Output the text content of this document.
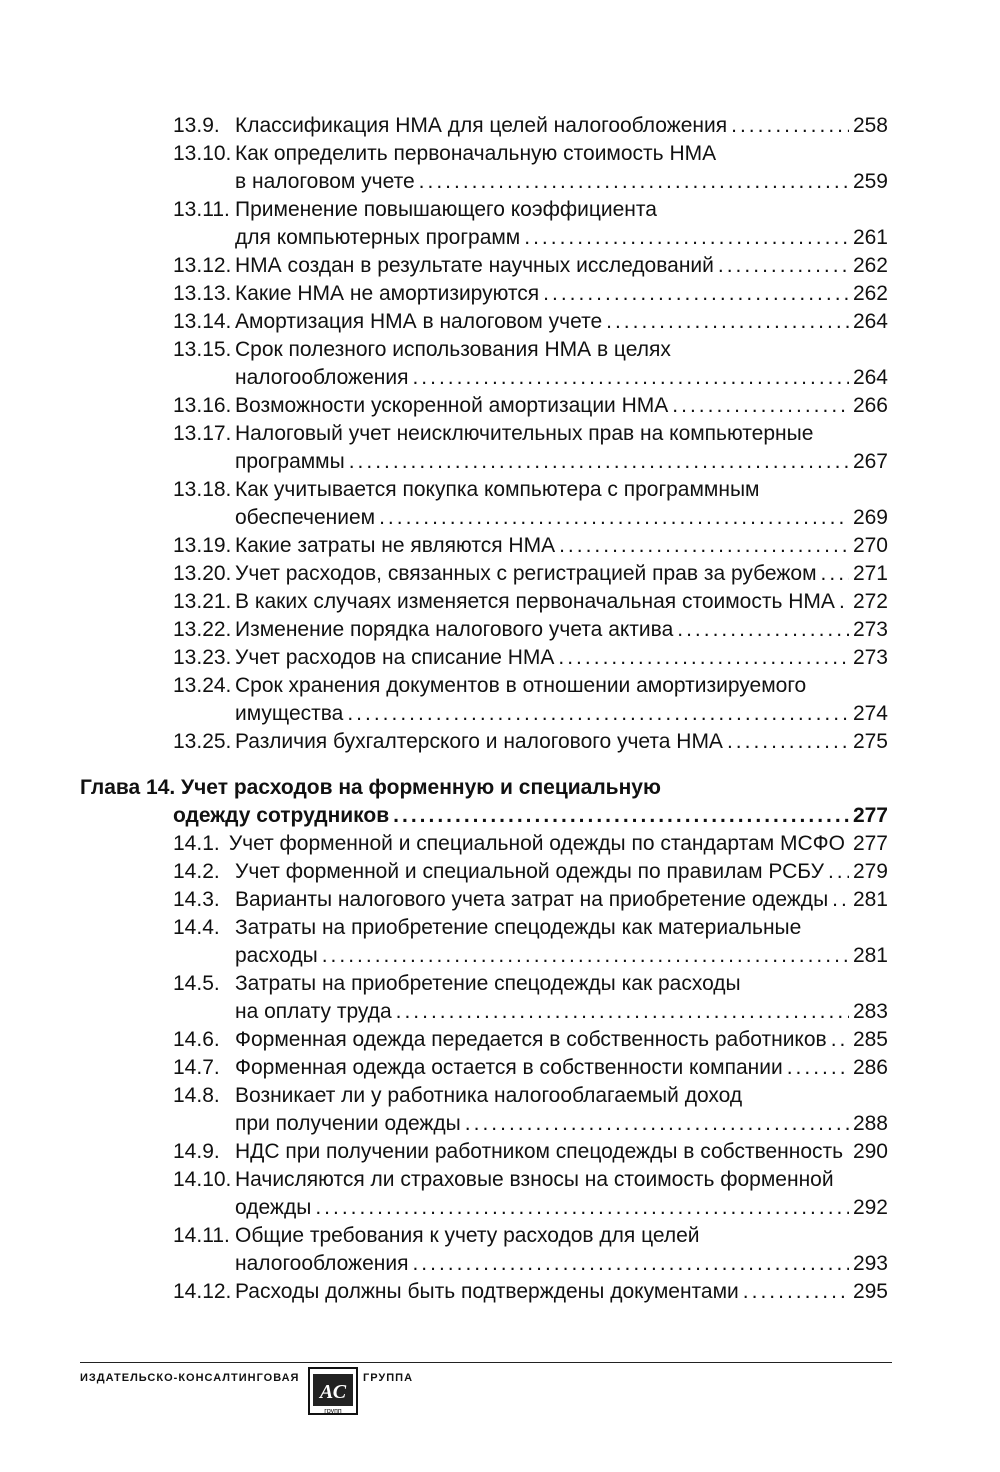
13.9. Классификация НМА для целей налогообложения .....	258
13.10. Как определить первоначальную стоимость НМА
в налоговом учете .....	259
13.11. Применение повышающего коэффициента
для компьютерных программ .....	261
13.12. НМА создан в результате научных исследований .....	262
13.13. Какие НМА не амортизируются .....	262
13.14. Амортизация НМА в налоговом учете .....	264
13.15. Срок полезного использования НМА в целях
налогообложения .....	264
13.16. Возможности ускоренной амортизации НМА .....	266
13.17. Налоговый учет неисключительных прав на компьютерные
программы .....	267
13.18. Как учитывается покупка компьютера с программным
обеспечением .....	269
13.19. Какие затраты не являются НМА .....	270
13.20. Учет расходов, связанных с регистрацией прав за рубежом ..... 271
13.21. В каких случаях изменяется первоначальная стоимость НМА ..... 272
13.22. Изменение порядка налогового учета актива .....	273
13.23. Учет расходов на списание НМА .....	273
13.24. Срок хранения документов в отношении амортизируемого
имущества .....	274
13.25. Различия бухгалтерского и налогового учета НМА .....	275
Глава 14. Учет расходов на форменную и специальную
одежду сотрудников .....	277
14.1. Учет форменной и специальной одежды по стандартам МСФО 277
14.2. Учет форменной и специальной одежды по правилам РСБУ ..... 279
14.3. Варианты налогового учета затрат на приобретение одежды ..... 281
14.4. Затраты на приобретение спецодежды как материальные
расходы .....	281
14.5. Затраты на приобретение спецодежды как расходы
на оплату труда .....	283
14.6. Форменная одежда передается в собственность работников ..... 285
14.7. Форменная одежда остается в собственности компании .....	286
14.8. Возникает ли у работника налогооблагаемый доход
при получении одежды .....	288
14.9. НДС при получении работником спецодежды в собственность ..... 290
14.10. Начисляются ли страховые взносы на стоимость форменной
одежды .....	292
14.11. Общие требования к учету расходов для целей
налогообложения .....	293
14.12. Расходы должны быть подтверждены документами .....	295
ИЗДАТЕЛЬСКО-КОНСАЛТИНГОВАЯ
АС
групп
ГРУППА
